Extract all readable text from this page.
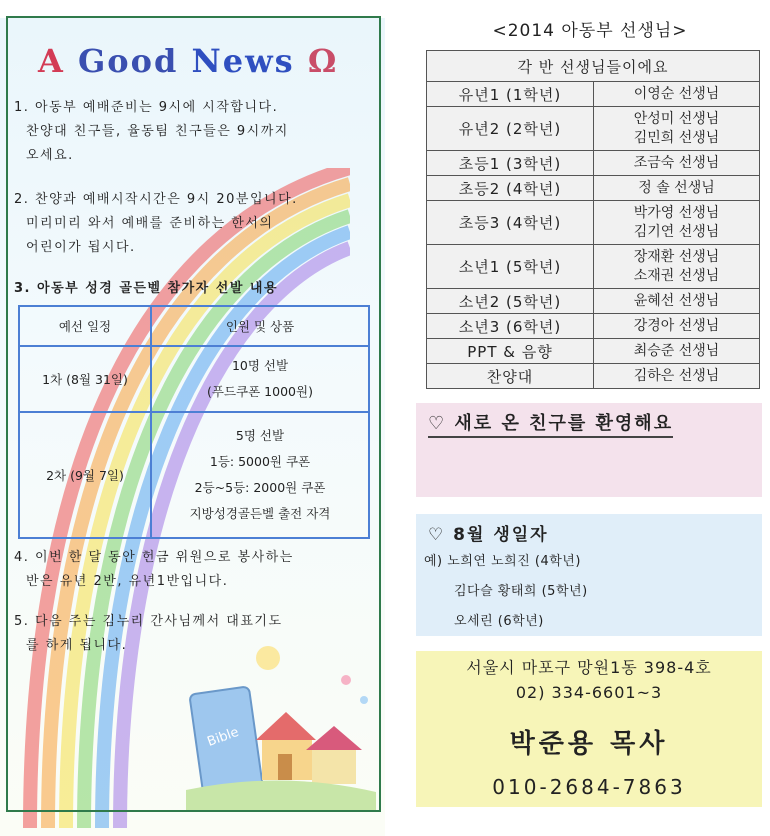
A Good News Ω
1. 아동부 예배준비는 9시에 시작합니다.
찬양대 친구들, 율동팀 친구들은 9시까지
오세요.
2. 찬양과 예배시작시간은 9시 20분입니다.
미리미리 와서 예배를 준비하는 한서의
어린이가 됩시다.
3. 아동부 성경 골든벨 참가자 선발 내용
예선 일정	인원 및 상품
1차 (8월 31일)	10명 선발
(푸드쿠폰 1000원)

2차 (9월 7일)	5명 선발
1등: 5000원 쿠폰
2등~5등: 2000원 쿠폰
지방성경골든벨 출전 자격
4. 이번 한 달 동안 헌금 위원으로 봉사하는
반은 유년 2반, 유년1반입니다.
5. 다음 주는 김누리 간사님께서 대표기도
를 하게 됩니다.
Bible
<2014 아동부 선생님>
각 반 선생님들이에요	
유년1 (1학년)	이영순 선생님

유년2 (2학년)	안성미 선생님
김민희 선생님

초등1 (3학년)	조금숙 선생님

초등2 (4학년)	정 솔 선생님

초등3 (4학년)	박가영 선생님
김기연 선생님

소년1 (5학년)	장재환 선생님
소재권 선생님

소년2 (5학년)	윤혜선 선생님

소년3 (6학년)	강경아 선생님

PPT & 음향	최승준 선생님

찬양대	김하은 선생님
♡ 새로 온 친구를 환영해요
♡ 8월 생일자
예) 노희연 노희진 (4학년)
김다슬 황태희 (5학년)
오세린 (6학년)
서울시 마포구 망원1동 398-4호
02) 334-6601~3
박준용 목사
010-2684-7863
